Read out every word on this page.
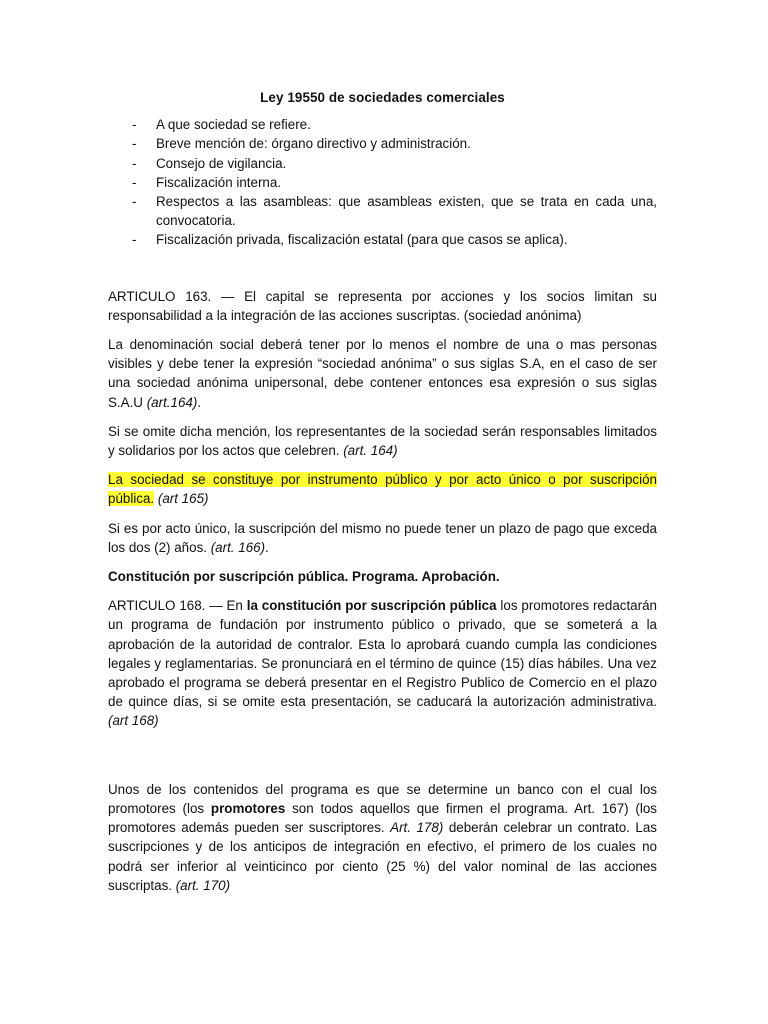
Ley 19550 de sociedades comerciales
- A que sociedad se refiere.
- Breve mención de: órgano directivo y administración.
- Consejo de vigilancia.
- Fiscalización interna.
- Respectos a las asambleas: que asambleas existen, que se trata en cada una, convocatoria.
- Fiscalización privada, fiscalización estatal (para que casos se aplica).

ARTICULO 163. — El capital se representa por acciones y los socios limitan su responsabilidad a la integración de las acciones suscriptas. (sociedad anónima)

La denominación social deberá tener por lo menos el nombre de una o mas personas visibles y debe tener la expresión “sociedad anónima” o sus siglas S.A, en el caso de ser una sociedad anónima unipersonal, debe contener entonces esa expresión o sus siglas S.A.U (art.164).

Si se omite dicha mención, los representantes de la sociedad serán responsables limitados y solidarios por los actos que celebren. (art. 164)

La sociedad se constituye por instrumento público y por acto único o por suscripción pública. (art 165)

Si es por acto único, la suscripción del mismo no puede tener un plazo de pago que exceda los dos (2) años. (art. 166).

Constitución por suscripción pública. Programa. Aprobación.

ARTICULO 168. — En la constitución por suscripción pública los promotores redactarán un programa de fundación por instrumento público o privado, que se someterá a la aprobación de la autoridad de contralor. Esta lo aprobará cuando cumpla las condiciones legales y reglamentarias. Se pronunciará en el término de quince (15) días hábiles. Una vez aprobado el programa se deberá presentar en el Registro Publico de Comercio en el plazo de quince días, si se omite esta presentación, se caducará la autorización administrativa. (art 168)

Unos de los contenidos del programa es que se determine un banco con el cual los promotores (los promotores son todos aquellos que firmen el programa. Art. 167) (los promotores además pueden ser suscriptores. Art. 178) deberán celebrar un contrato. Las suscripciones y de los anticipos de integración en efectivo, el primero de los cuales no podrá ser inferior al veinticinco por ciento (25 %) del valor nominal de las acciones suscriptas. (art. 170)
